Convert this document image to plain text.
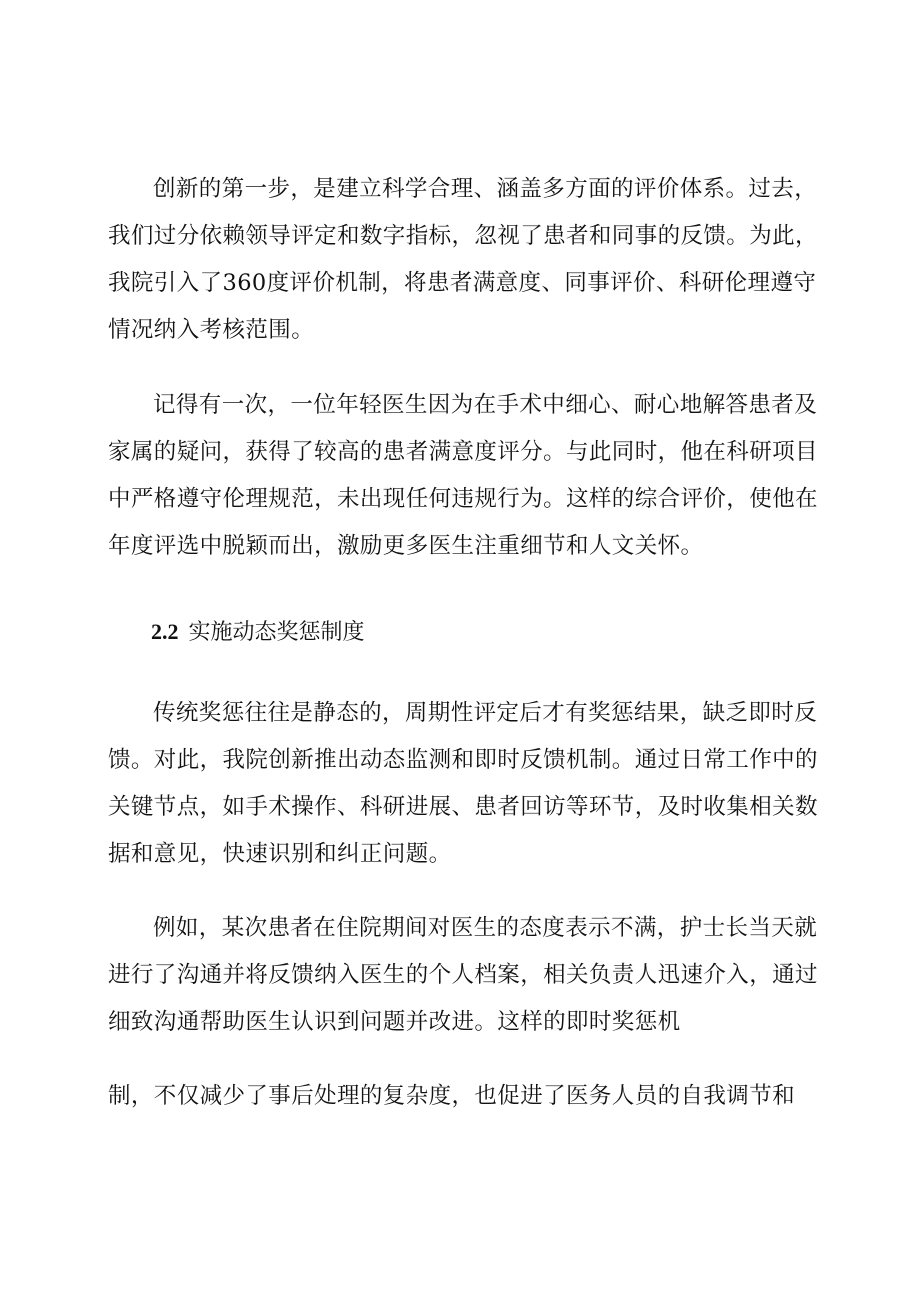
创新的第一步，是建立科学合理、涵盖多方面的评价体系。过去，
我们过分依赖领导评定和数字指标，忽视了患者和同事的反馈。为此，
我院引入了360度评价机制，将患者满意度、同事评价、科研伦理遵守
情况纳入考核范围。
记得有一次，一位年轻医生因为在手术中细心、耐心地解答患者及
家属的疑问，获得了较高的患者满意度评分。与此同时，他在科研项目
中严格遵守伦理规范，未出现任何违规行为。这样的综合评价，使他在
年度评选中脱颖而出，激励更多医生注重细节和人文关怀。
2.2 实施动态奖惩制度
传统奖惩往往是静态的，周期性评定后才有奖惩结果，缺乏即时反
馈。对此，我院创新推出动态监测和即时反馈机制。通过日常工作中的
关键节点，如手术操作、科研进展、患者回访等环节，及时收集相关数
据和意见，快速识别和纠正问题。
例如，某次患者在住院期间对医生的态度表示不满，护士长当天就
进行了沟通并将反馈纳入医生的个人档案，相关负责人迅速介入，通过
细致沟通帮助医生认识到问题并改进。这样的即时奖惩机
制，不仅减少了事后处理的复杂度，也促进了医务人员的自我调节和
